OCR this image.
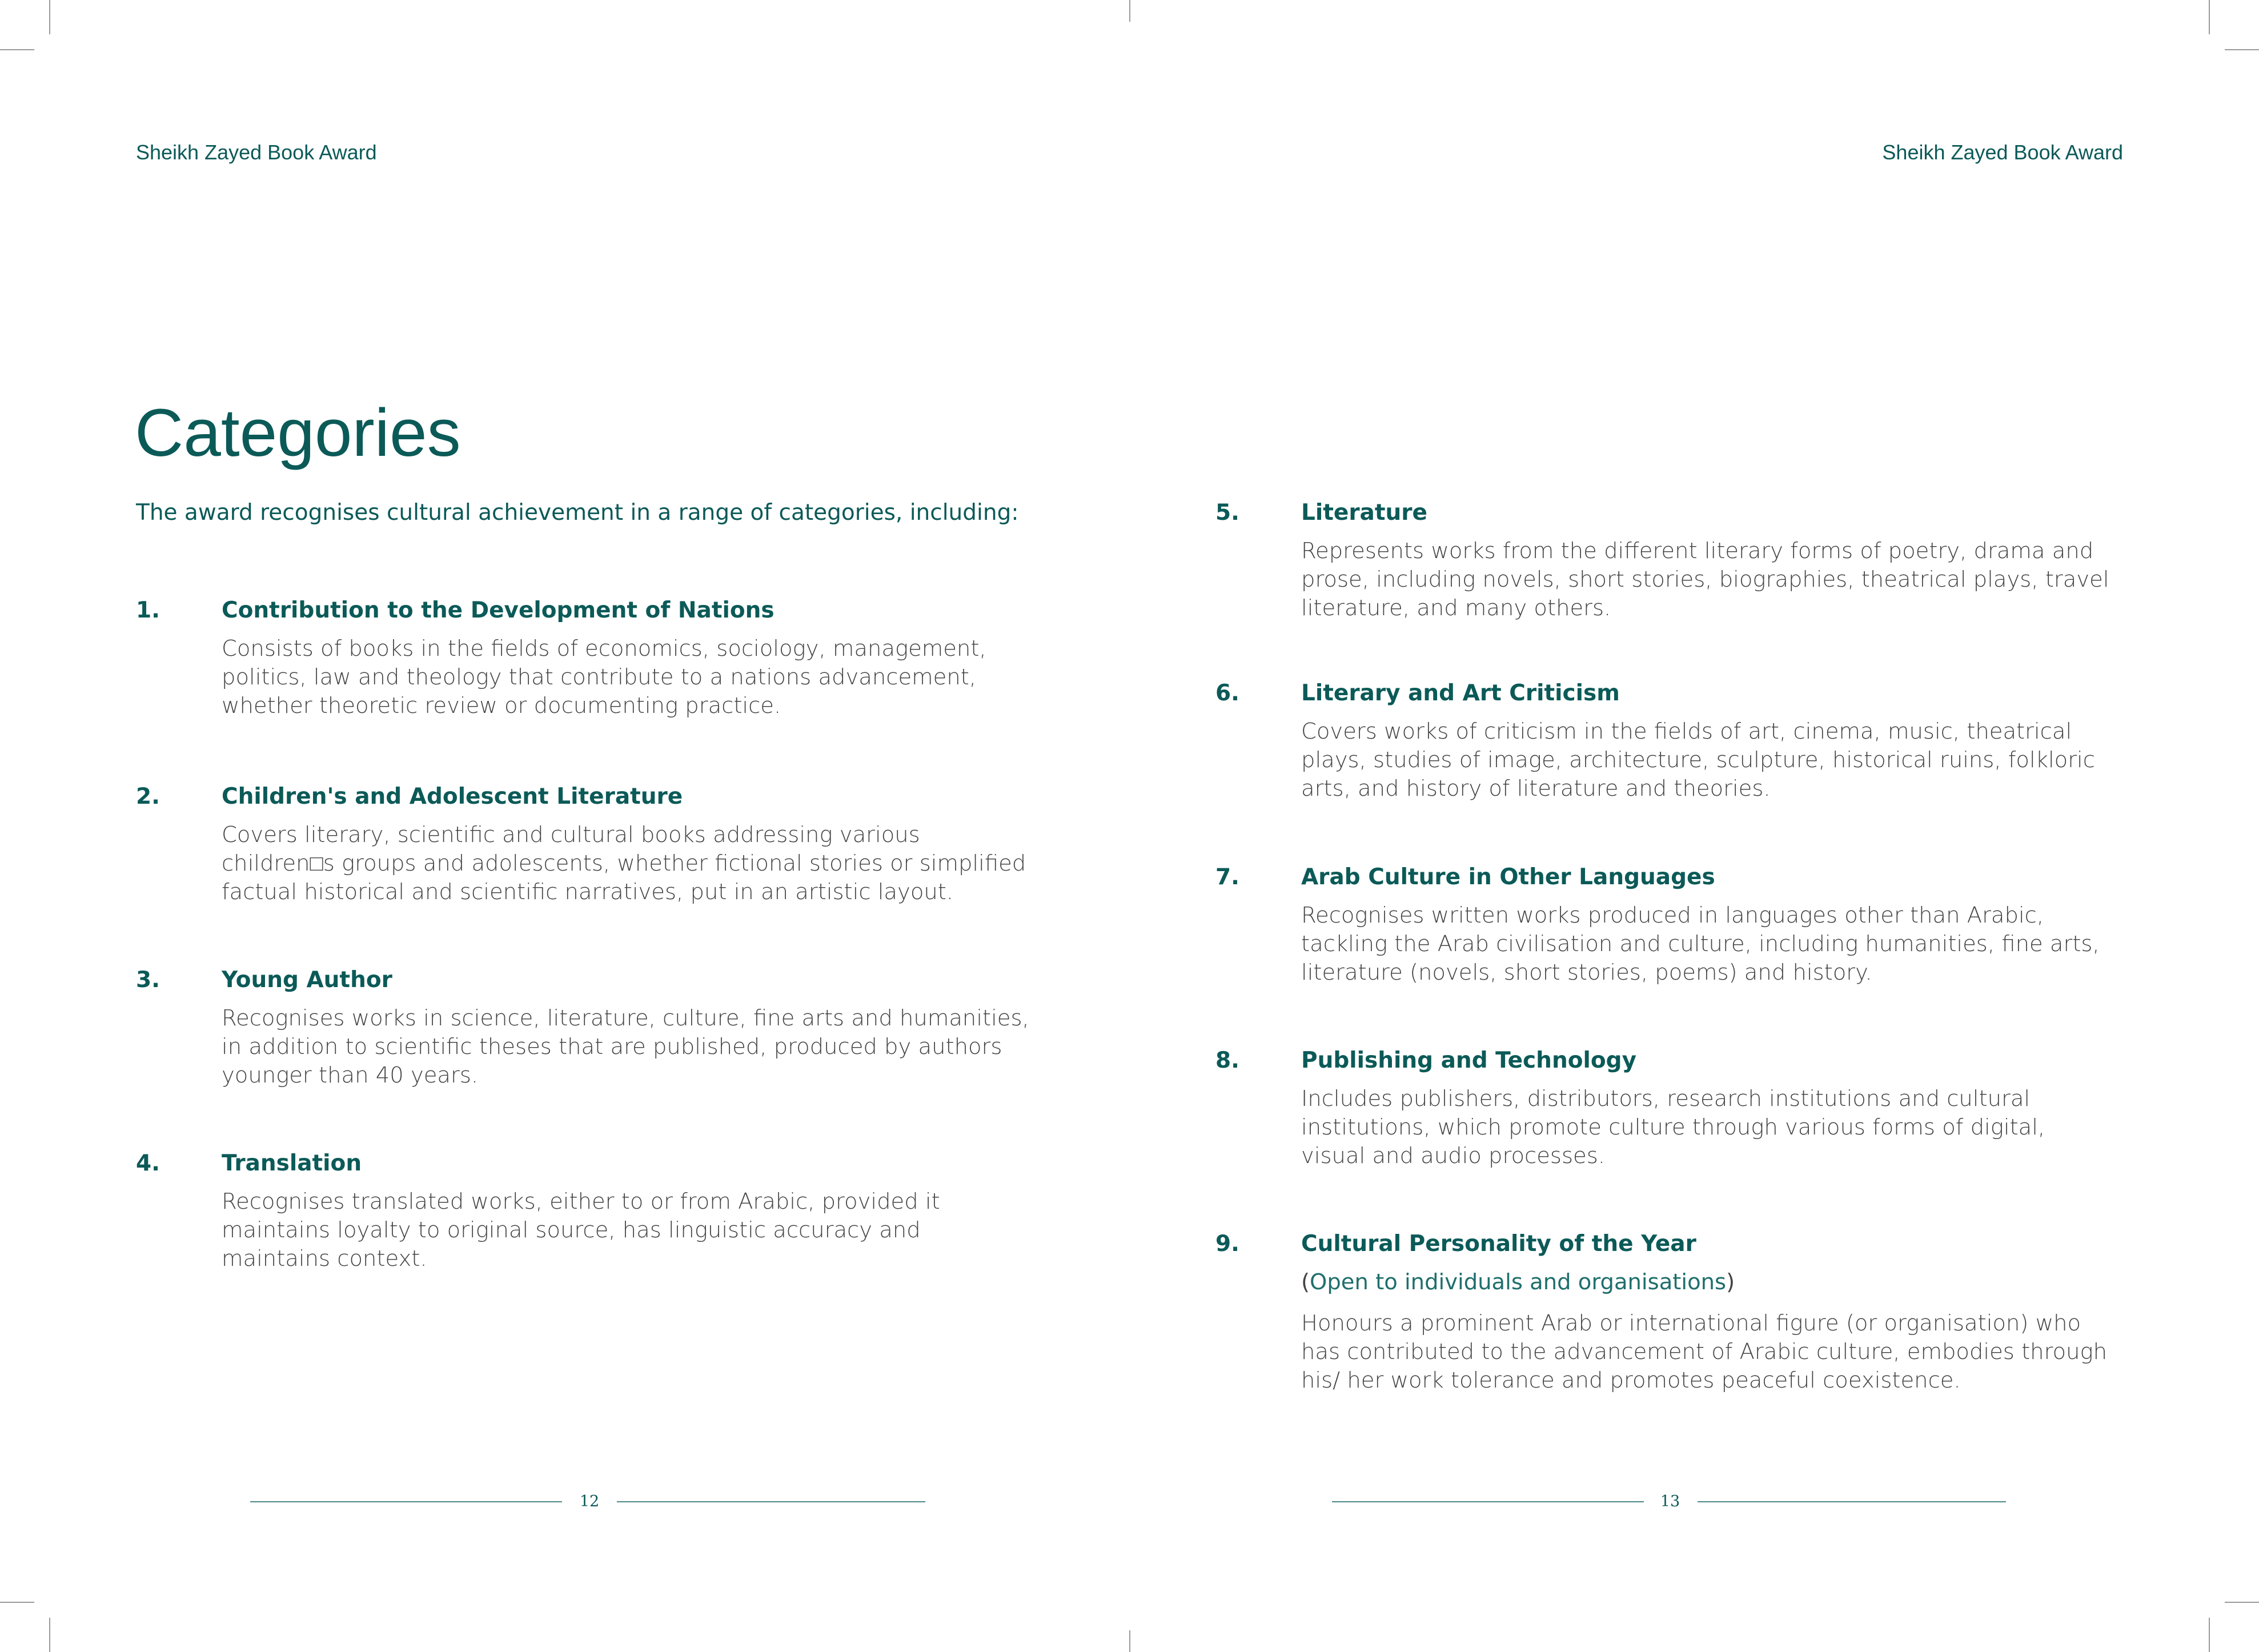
Sheikh Zayed Book Award	Sheikh Zayed Book Award
Categories
The award recognises cultural achievement in a range of categories, including:
1.	Contribution to the Development of Nations
Consists of books in the fields of economics, sociology, management, politics, law and theology that contribute to a nations advancement, whether theoretic review or documenting practice.
2.	Children's and Adolescent Literature
Covers literary, scientific and cultural books addressing various children□s groups and adolescents, whether fictional stories or simplified factual historical and scientific narratives, put in an artistic layout.
3.	Young Author
Recognises works in science, literature, culture, fine arts and humanities, in addition to scientific theses that are published, produced by authors younger than 40 years.
4.	Translation
Recognises translated works, either to or from Arabic, provided it maintains loyalty to original source, has linguistic accuracy and maintains context.
5.	Literature
Represents works from the different literary forms of poetry, drama and prose, including novels, short stories, biographies, theatrical plays, travel literature, and many others.
6.	Literary and Art Criticism
Covers works of criticism in the fields of art, cinema, music, theatrical plays, studies of image, architecture, sculpture, historical ruins, folkloric arts, and history of literature and theories.
7.	Arab Culture in Other Languages
Recognises written works produced in languages other than Arabic, tackling the Arab civilisation and culture, including humanities, fine arts, literature (novels, short stories, poems) and history.
8.	Publishing and Technology
Includes publishers, distributors, research institutions and cultural institutions, which promote culture through various forms of digital, visual and audio processes.
9.	Cultural Personality of the Year
(Open to individuals and organisations)
Honours a prominent Arab or international figure (or organisation) who has contributed to the advancement of Arabic culture, embodies through his/ her work tolerance and promotes peaceful coexistence.
12	13
